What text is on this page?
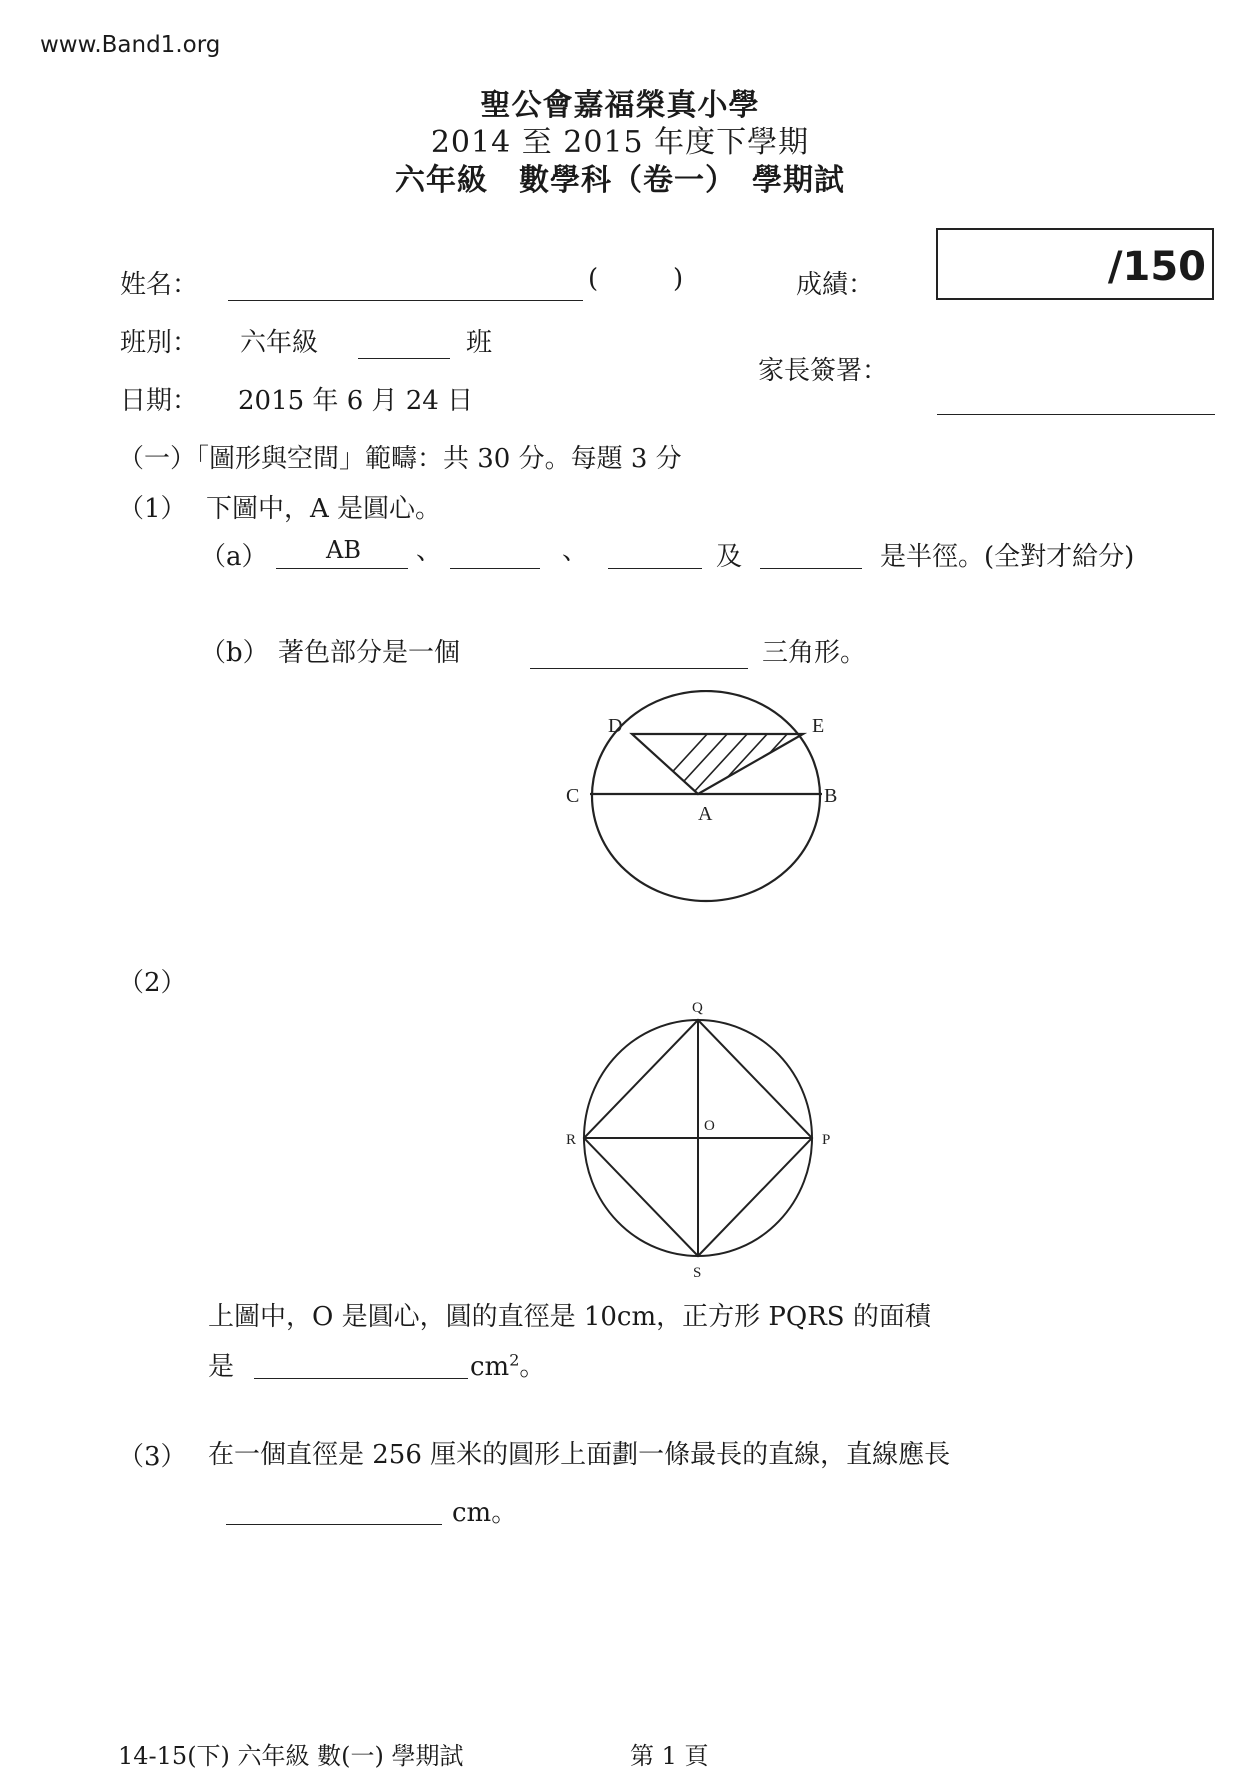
www.Band1.org
聖公會嘉福榮真小學
2014 至 2015 年度下學期
六年級　數學科（卷一）　學期試
/150
姓名：	(	)	成績：
班別： 六年級	班
家長簽署：
日期： 2015 年 6 月 24 日
（一）「圖形與空間」範疇：共 30 分。每題 3 分
（1） 下圖中，A 是圓心。
（a） AB 、	、	及	是半徑。(全對才給分)
（b） 著色部分是一個	三角形。
D	E
C	B
A
（2）
Q
O
R	P
S
上圖中，O 是圓心，圓的直徑是 10cm，正方形 PQRS 的面積
是	$cm^2$。
（3） 在一個直徑是 256 厘米的圓形上面劃一條最長的直線，直線應長
cm。
14-15(下) 六年級 數(一) 學期試	第 1 頁
